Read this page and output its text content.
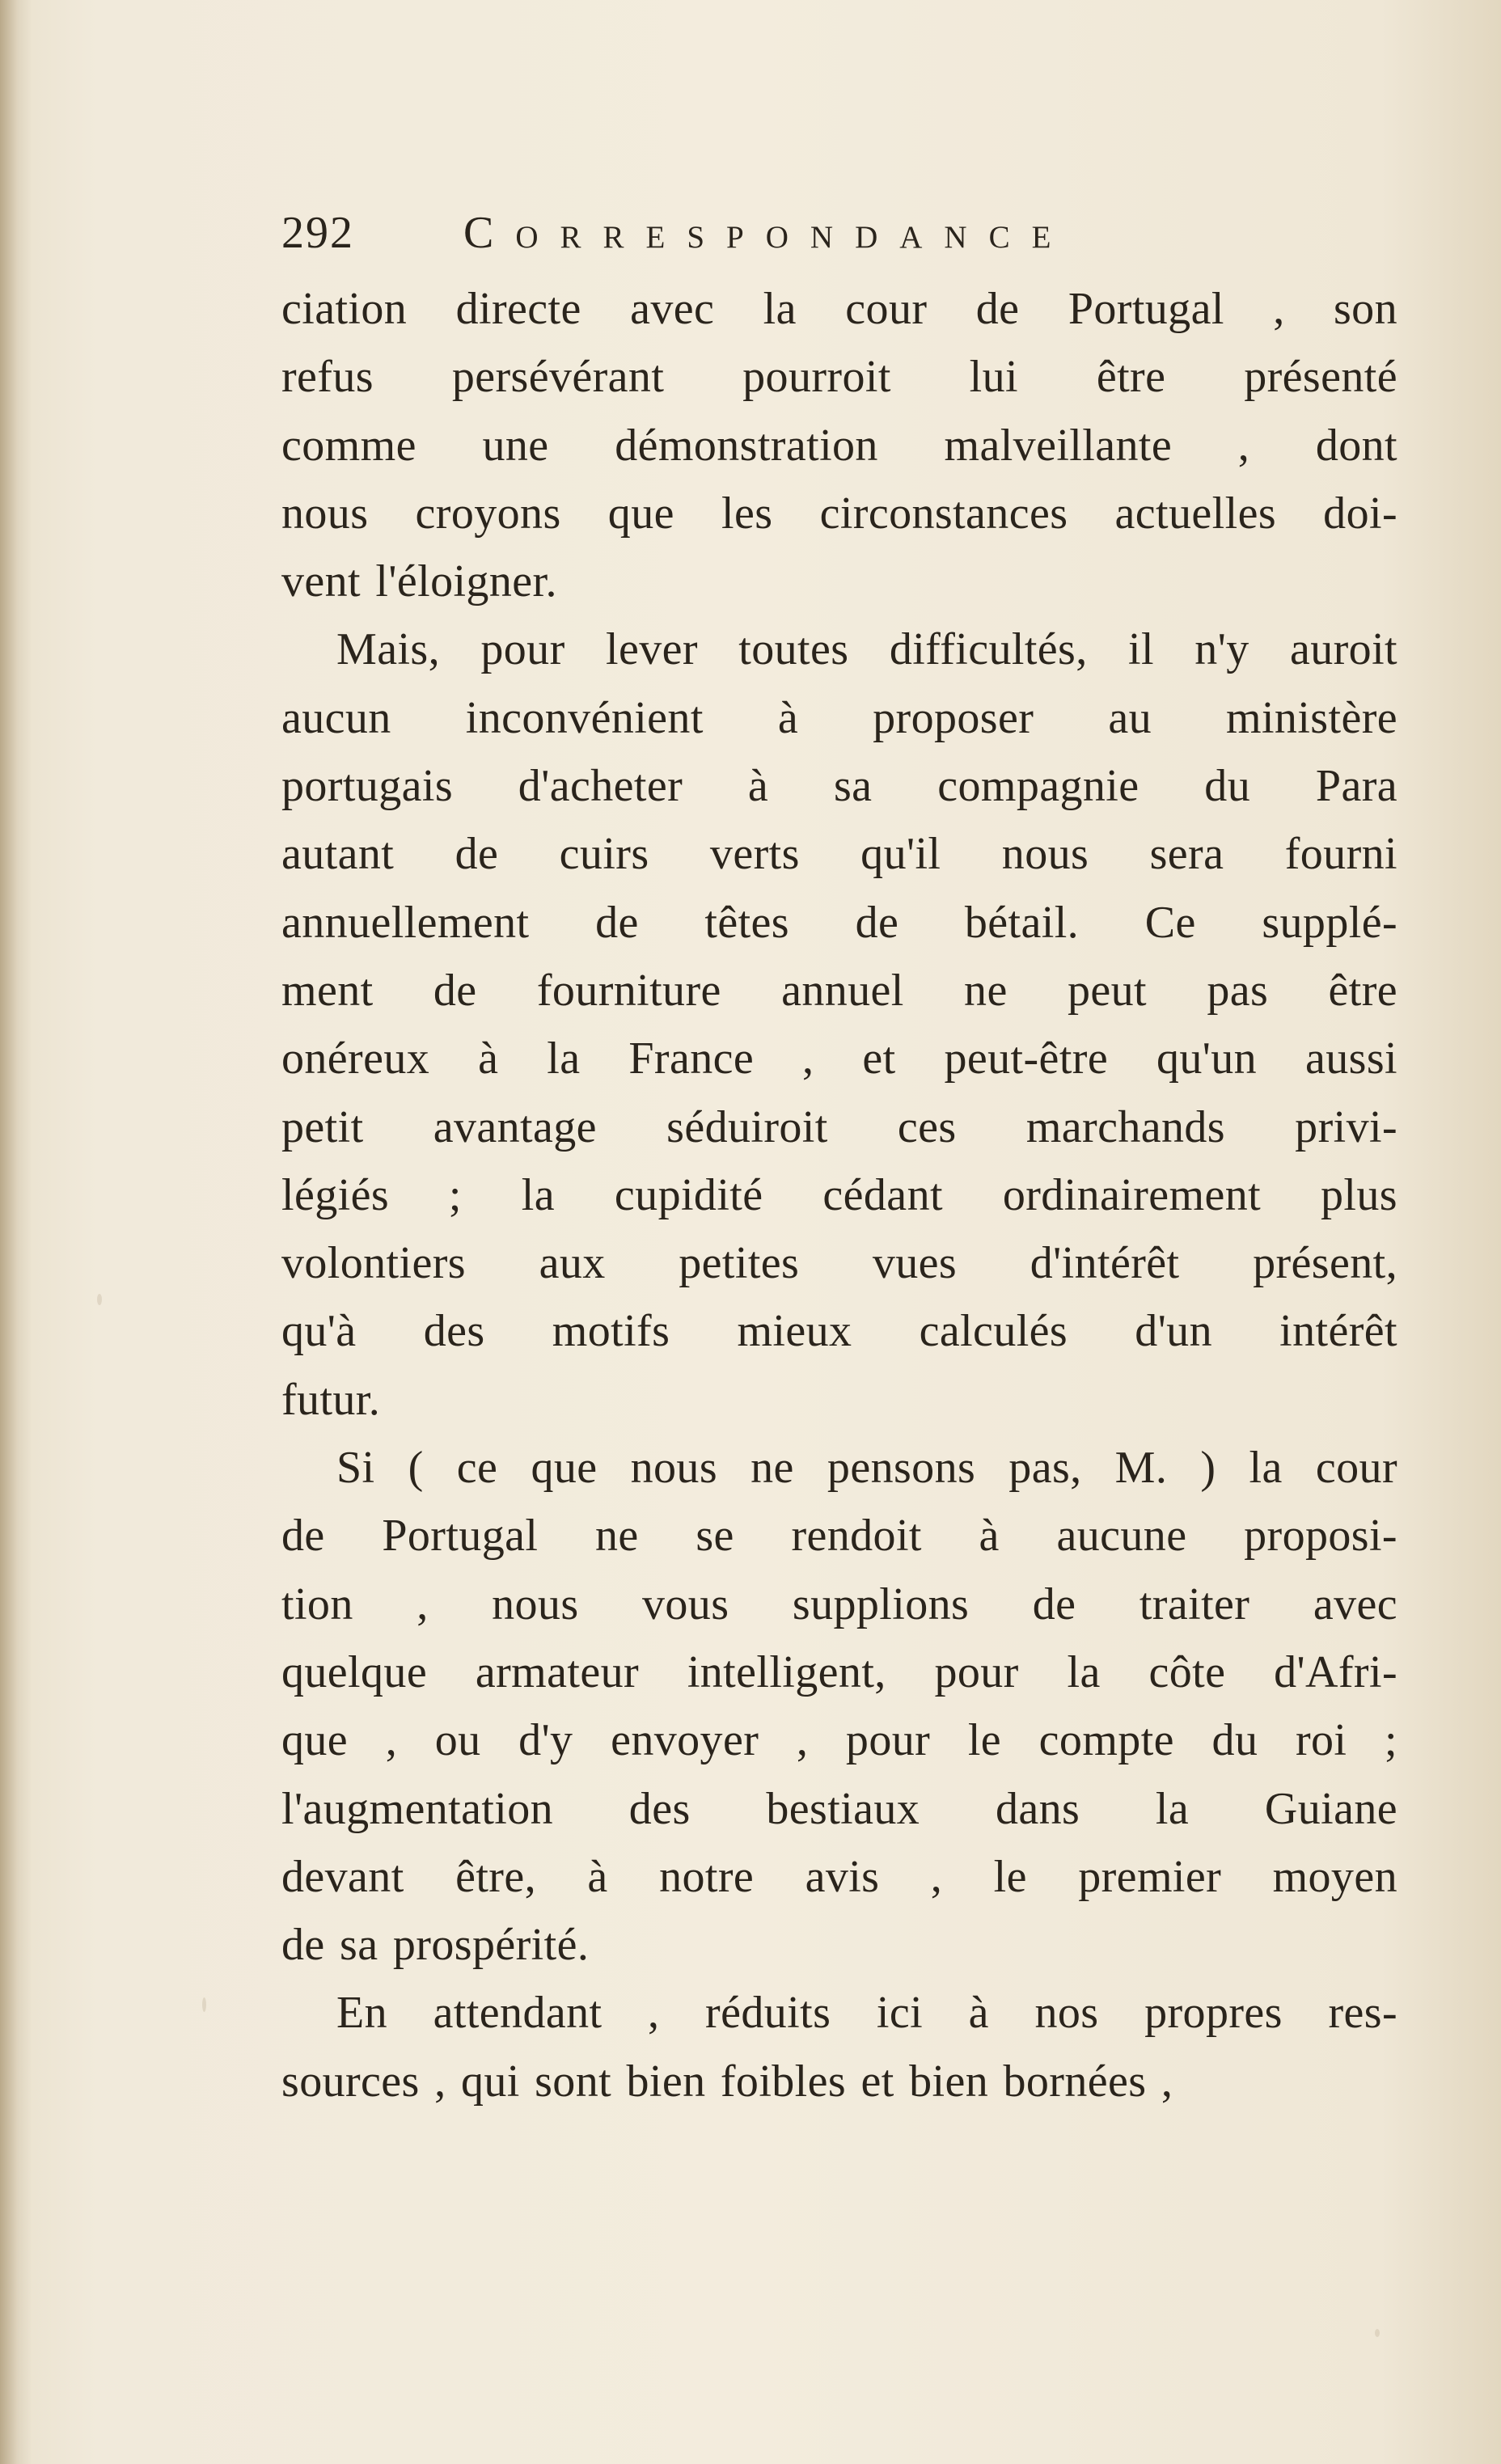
292 Correspondance
ciation directe avec la cour de Portugal , son
refus persévérant pourroit lui être présenté
comme une démonstration malveillante , dont
nous croyons que les circonstances actuelles doi-
vent l'éloigner.
Mais, pour lever toutes difficultés, il n'y auroit
aucun inconvénient à proposer au ministère
portugais d'acheter à sa compagnie du Para
autant de cuirs verts qu'il nous sera fourni
annuellement de têtes de bétail. Ce supplé-
ment de fourniture annuel ne peut pas être
onéreux à la France , et peut-être qu'un aussi
petit avantage séduiroit ces marchands privi-
légiés ; la cupidité cédant ordinairement plus
volontiers aux petites vues d'intérêt présent,
qu'à des motifs mieux calculés d'un intérêt
futur.
Si ( ce que nous ne pensons pas, M. ) la cour
de Portugal ne se rendoit à aucune proposi-
tion , nous vous supplions de traiter avec
quelque armateur intelligent, pour la côte d'Afri-
que , ou d'y envoyer , pour le compte du roi ;
l'augmentation des bestiaux dans la Guiane
devant être, à notre avis , le premier moyen
de sa prospérité.
En attendant , réduits ici à nos propres res-
sources , qui sont bien foibles et bien bornées ,
